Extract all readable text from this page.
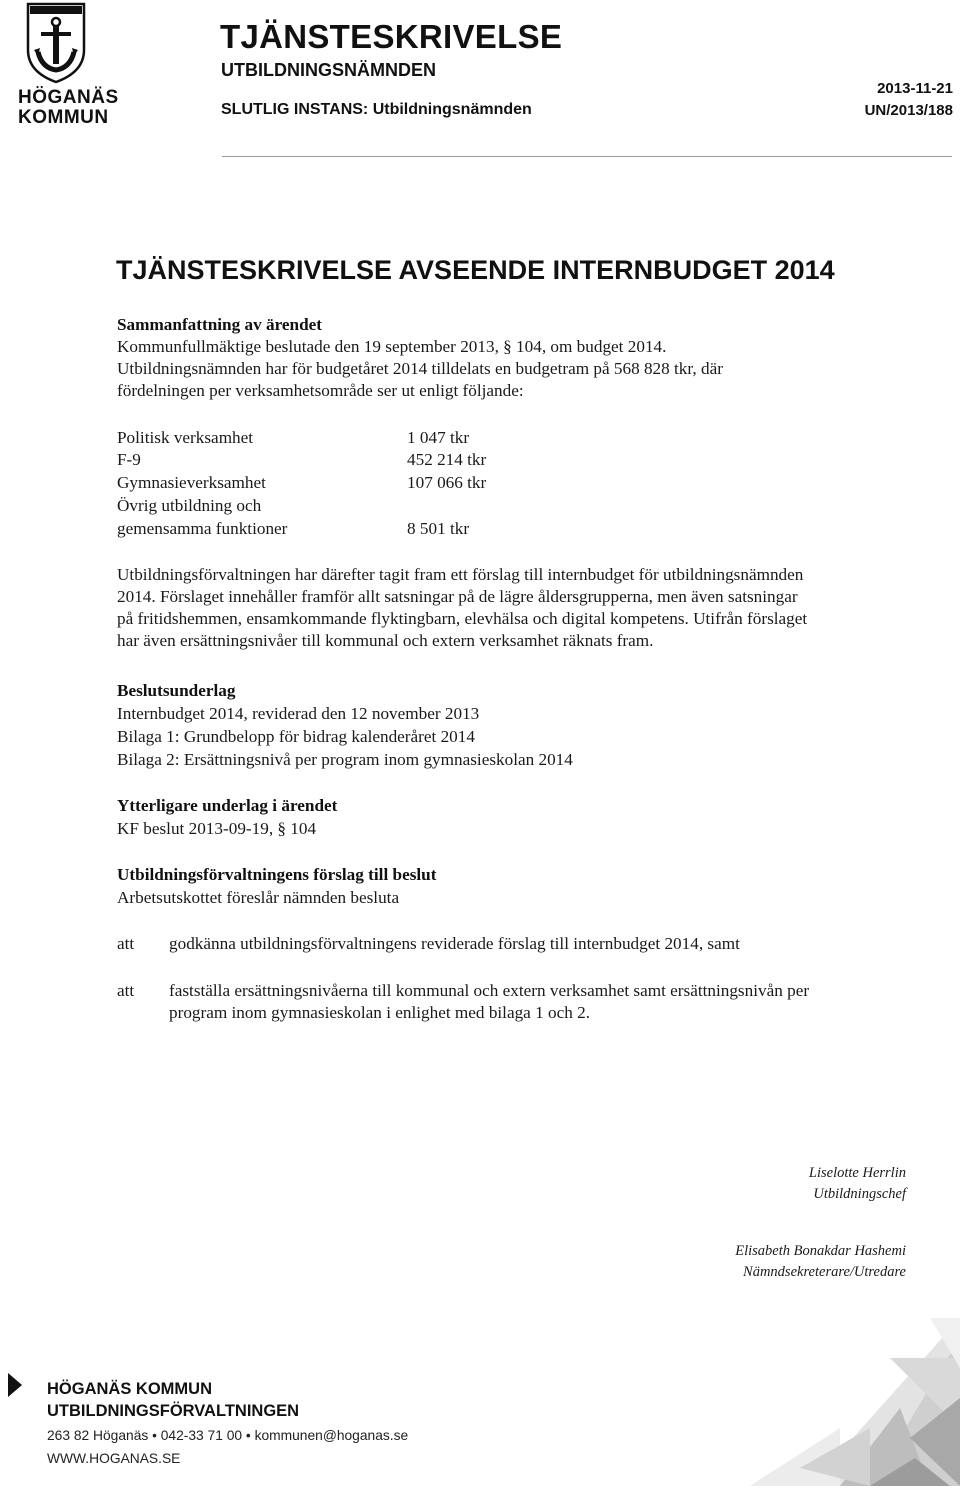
HÖGANÄS
KOMMUN
TJÄNSTESKRIVELSE
UTBILDNINGSNÄMNDEN
SLUTLIG INSTANS: Utbildningsnämnden
2013-11-21
UN/2013/188
TJÄNSTESKRIVELSE AVSEENDE INTERNBUDGET 2014
Sammanfattning av ärendet

Kommunfullmäktige beslutade den 19 september 2013, § 104, om budget 2014.

Utbildningsnämnden har för budgetåret 2014 tilldelats en budgetram på 568 828 tkr, där

fördelningen per verksamhetsområde ser ut enligt följande:

Politisk verksamhet	1 047 tkr
F-9	452 214 tkr
Gymnasieverksamhet	107 066 tkr
Övrig utbildning och
gemensamma funktioner	8 501 tkr

Utbildningsförvaltningen har därefter tagit fram ett förslag till internbudget för utbildningsnämnden

2014. Förslaget innehåller framför allt satsningar på de lägre åldersgrupperna, men även satsningar

på fritidshemmen, ensamkommande flyktingbarn, elevhälsa och digital kompetens. Utifrån förslaget

har även ersättningsnivåer till kommunal och extern verksamhet räknats fram.

Beslutsunderlag
Internbudget 2014, reviderad den 12 november 2013
Bilaga 1: Grundbelopp för bidrag kalenderåret 2014
Bilaga 2: Ersättningsnivå per program inom gymnasieskolan 2014
Ytterligare underlag i ärendet
KF beslut 2013-09-19, § 104
Utbildningsförvaltningens förslag till beslut
Arbetsutskottet föreslår nämnden besluta
att godkänna utbildningsförvaltningens reviderade förslag till internbudget 2014, samt

att fastställa ersättningsnivåerna till kommunal och extern verksamhet samt ersättningsnivån per

program inom gymnasieskolan i enlighet med bilaga 1 och 2.

Liselotte Herrlin
Utbildningschef
Elisabeth Bonakdar Hashemi
Nämndsekreterare/Utredare
HÖGANÄS KOMMUN
UTBILDNINGSFÖRVALTNINGEN
263 82 Höganäs • 042-33 71 00 • kommunen@hoganas.se
WWW.HOGANAS.SE
